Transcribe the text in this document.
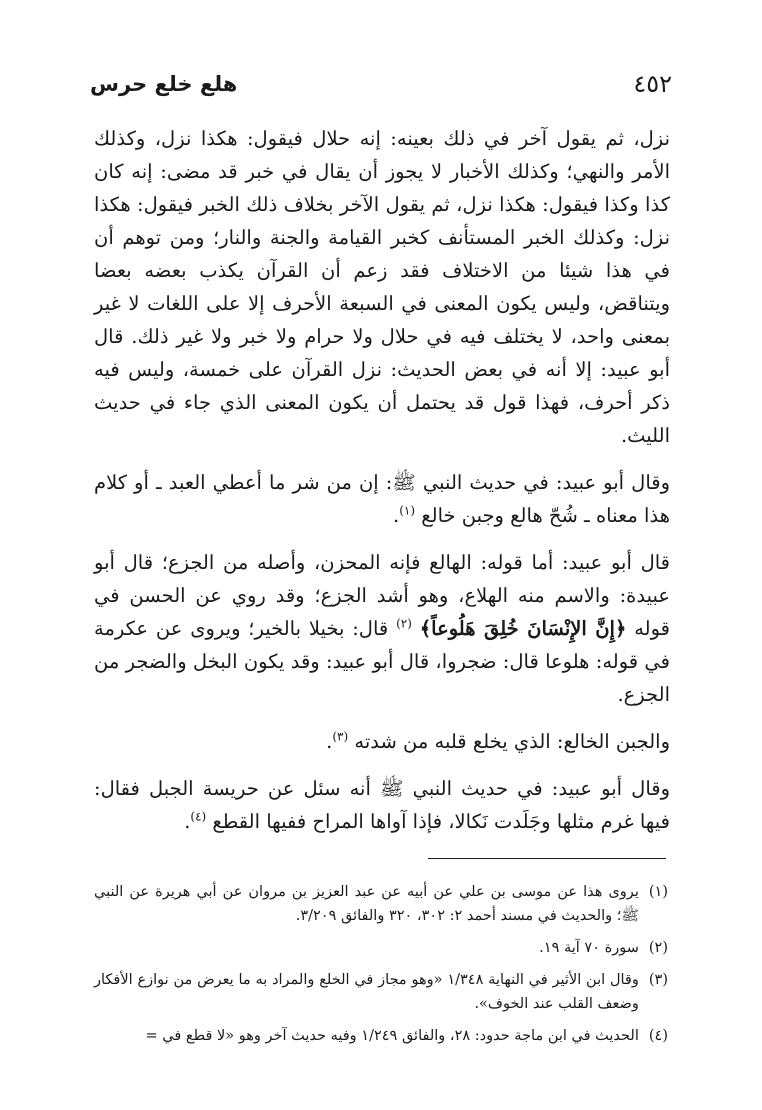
٤٥٢
هلع خلع حرس

نزل، ثم يقول آخر في ذلك بعينه: إنه حلال فيقول: هكذا نزل، وكذلك الأمر والنهي؛ وكذلك الأخبار لا يجوز أن يقال في خبر قد مضى: إنه كان كذا وكذا فيقول: هكذا نزل، ثم يقول الآخر بخلاف ذلك الخبر فيقول: هكذا نزل: وكذلك الخبر المستأنف كخبر القيامة والجنة والنار؛ ومن توهم أن في هذا شيئا من الاختلاف فقد زعم أن القرآن يكذب بعضه بعضا ويتناقض، وليس يكون المعنى في السبعة الأحرف إلا على اللغات لا غير بمعنى واحد، لا يختلف فيه في حلال ولا حرام ولا خبر ولا غير ذلك. قال أبو عبيد: إلا أنه في بعض الحديث: نزل القرآن على خمسة، وليس فيه ذكر أحرف، فهذا قول قد يحتمل أن يكون المعنى الذي جاء في حديث الليث.

وقال أبو عبيد: في حديث النبي ﷺ: إن من شر ما أعطي العبد ـ أو كلام هذا معناه ـ شُحّ هالع وجبن خالع $^{(١)}$.

قال أبو عبيد: أما قوله: الهالع فإنه المحزن، وأصله من الجزع؛ قال أبو عبيدة: والاسم منه الهلاع، وهو أشد الجزع؛ وقد روي عن الحسن في قوله ﴿إِنَّ الإِنْسَانَ خُلِقَ هَلُوعاً﴾ $^{(٢)}$ قال: بخيلا بالخير؛ ويروى عن عكرمة في قوله: هلوعا قال: ضجروا، قال أبو عبيد: وقد يكون البخل والضجر من الجزع.

والجبن الخالع: الذي يخلع قلبه من شدته $^{(٣)}$.

وقال أبو عبيد: في حديث النبي ﷺ أنه سئل عن حريسة الجبل فقال: فيها غرم مثلها وجَلَدت نَكالا، فإذا آواها المراح ففيها القطع $^{(٤)}$.

(١)
يروى هذا عن موسى بن علي عن أبيه عن عبد العزيز بن مروان عن أبي هريرة عن النبي ﷺ؛ والحديث في مسند أحمد ٢: ٣٠٢، ٣٢٠ والفائق ٣/٢٠٩.
(٢)
سورة ٧٠ آية ١٩.
(٣)
وقال ابن الأثير في النهاية ١/٣٤٨ «وهو مجاز في الخلع والمراد به ما يعرض من نوازع الأفكار وضعف القلب عند الخوف».
(٤)
الحديث في ابن ماجة حدود: ٢٨، والفائق ١/٢٤٩ وفيه حديث آخر وهو «لا قطع في =
